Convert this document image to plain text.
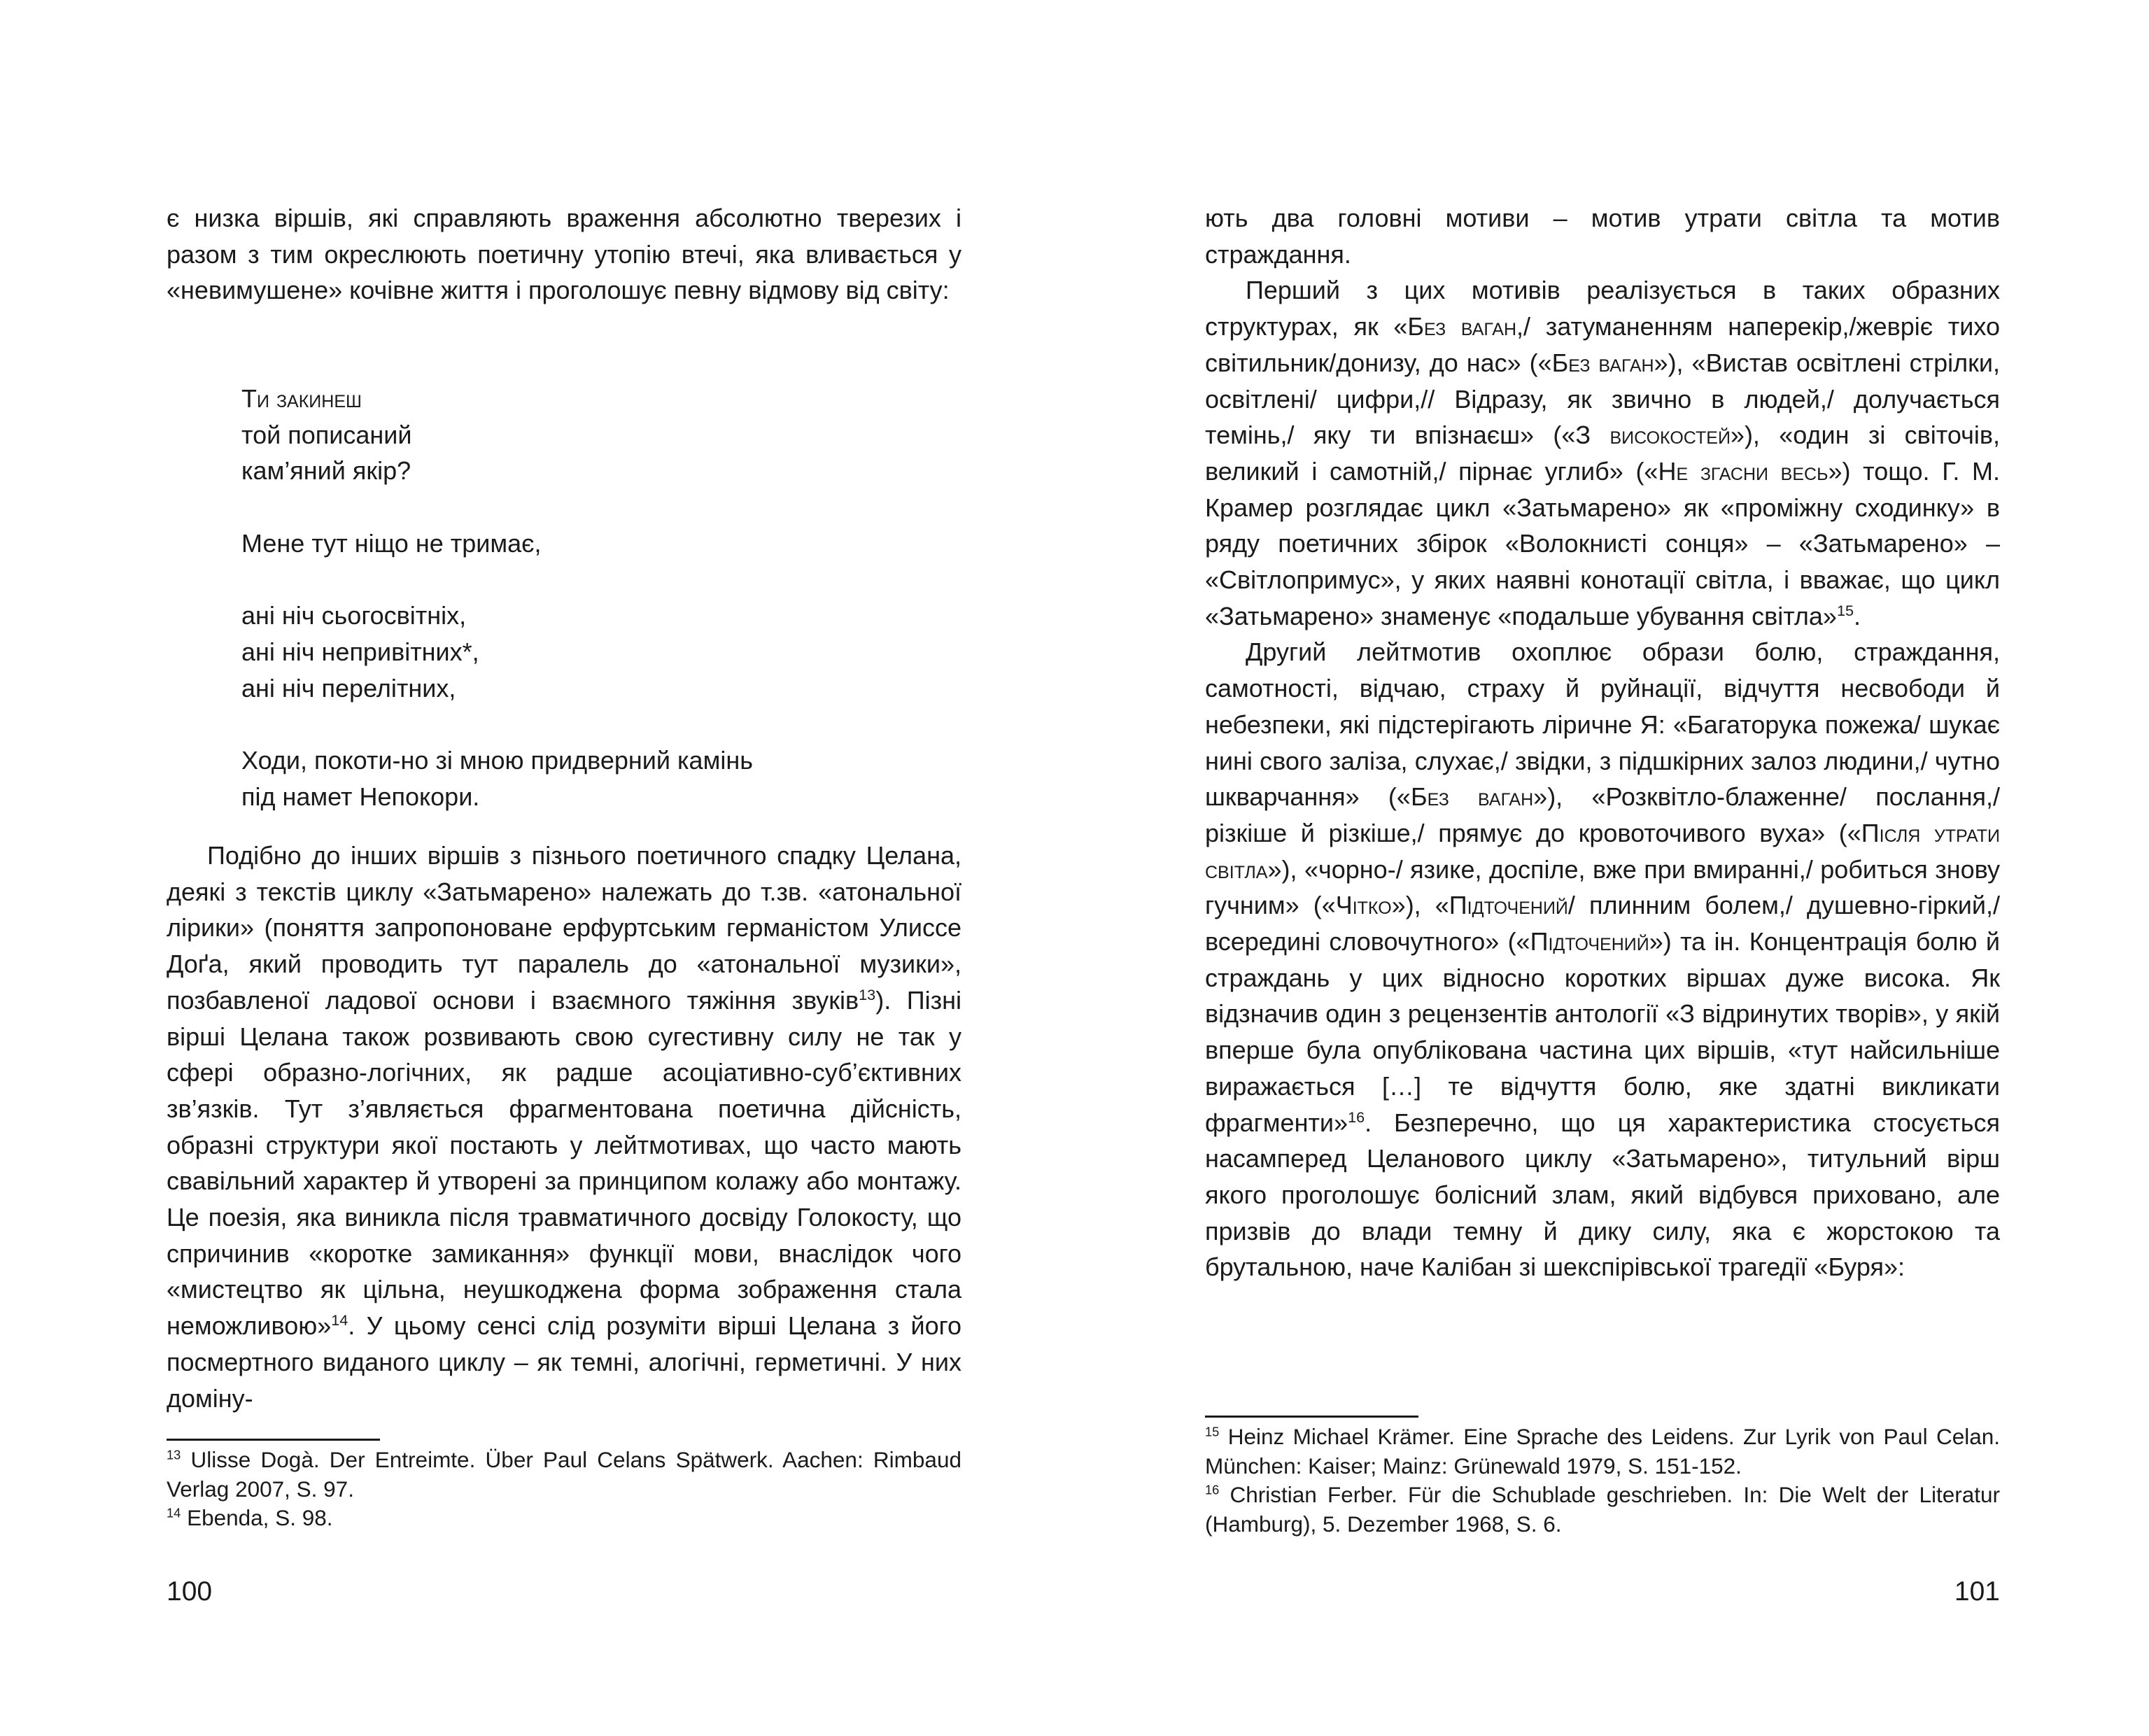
є низка віршів, які справляють враження абсолютно тверезих і разом з тим окреслюють поетичну утопію втечі, яка вливається у «невимушене» кочівне життя і проголошує певну відмову від світу:

Ти закинеш
той пописаний
кам’яний якір?
Мене тут ніщо не тримає,
ані ніч сьогосвітніх,
ані ніч непривітних*,
ані ніч перелітних,
Ходи, покоти-но зі мною придверний камінь
під намет Непокори.

Подібно до інших віршів з пізнього поетичного спадку Целана, деякі з текстів циклу «Затьмарено» належать до т.зв. «атональної лірики» (поняття запропоноване ерфуртським германістом Улиссе Доґа, який проводить тут паралель до «атональної музики», позбавленої ладової основи і взаємного тяжіння звуків$^{13}$). Пізні вірші Целана також розвивають свою сугестивну силу не так у сфері образно-логічних, як радше асоціативно-суб’єктивних зв’язків. Тут з’являється фрагментована поетична дійсність, образні структури якої постають у лейтмотивах, що часто мають свавільний характер й утворені за принципом колажу або монтажу. Це поезія, яка виникла після травматичного досвіду Голокосту, що спричинив «коротке замикання» функції мови, внаслідок чого «мистецтво як цільна, неушкоджена форма зображення стала неможливою»$^{14}$. У цьому сенсі слід розуміти вірші Целана з його посмертного виданого циклу – як темні, алогічні, герметичні. У них доміну-

$^{13}$ Ulisse Dogà. Der Entreimte. Über Paul Celans Spätwerk. Aachen: Rimbaud Verlag 2007, S. 97.

$^{14}$ Ebenda, S. 98.

100

ють два головні мотиви – мотив утрати світла та мотив страждання.

Перший з цих мотивів реалізується в таких образних структурах, як «Без ваган,/ затуманенням наперекір,/жевріє тихо світильник/донизу, до нас» («Без ваган»), «Вистав освітлені стрілки, освітлені/ цифри,// Відразу, як звично в людей,/ долучається темінь,/ яку ти впізнаєш» («З високостей»), «один зі світочів, великий і самотній,/ пірнає углиб» («Не згасни весь») тощо. Г. М. Крамер розглядає цикл «Затьмарено» як «проміжну сходинку» в ряду поетичних збірок «Волокнисті сонця» – «Затьмарено» – «Світлопримус», у яких наявні конотації світла, і вважає, що цикл «Затьмарено» знаменує «подальше убування світла»$^{15}$.

Другий лейтмотив охоплює образи болю, страждання, самотності, відчаю, страху й руйнації, відчуття несвободи й небезпеки, які підстерігають ліричне Я: «Багаторука пожежа/ шукає нині свого заліза, слухає,/ звідки, з підшкірних залоз людини,/ чутно шкварчання» («Без ваган»), «Розквітло-блаженне/ послання,/ різкіше й різкіше,/ прямує до кровоточивого вуха» («Після утрати світла»), «чорно-/ язике, доспіле, вже при вмиранні,/ робиться знову гучним» («Чітко»), «Підточений/ плинним болем,/ душевно-гіркий,/ всередині словочутного» («Підточений») та ін. Концентрація болю й страждань у цих відносно коротких віршах дуже висока. Як відзначив один з рецензентів антології «З відринутих творів», у якій вперше була опублікована частина цих віршів, «тут найсильніше виражається […] те відчуття болю, яке здатні викликати фрагменти»$^{16}$. Безперечно, що ця характеристика стосується насамперед Целанового циклу «Затьмарено», титульний вірш якого проголошує болісний злам, який відбувся приховано, але призвів до влади темну й дику силу, яка є жорстокою та брутальною, наче Калібан зі шекспірівської трагедії «Буря»:

$^{15}$ Heinz Michael Krämer. Eine Sprache des Leidens. Zur Lyrik von Paul Celan. München: Kaiser; Mainz: Grünewald 1979, S. 151-152.

$^{16}$ Christian Ferber. Für die Schublade geschrieben. In: Die Welt der Literatur (Hamburg), 5. Dezember 1968, S. 6.

101
